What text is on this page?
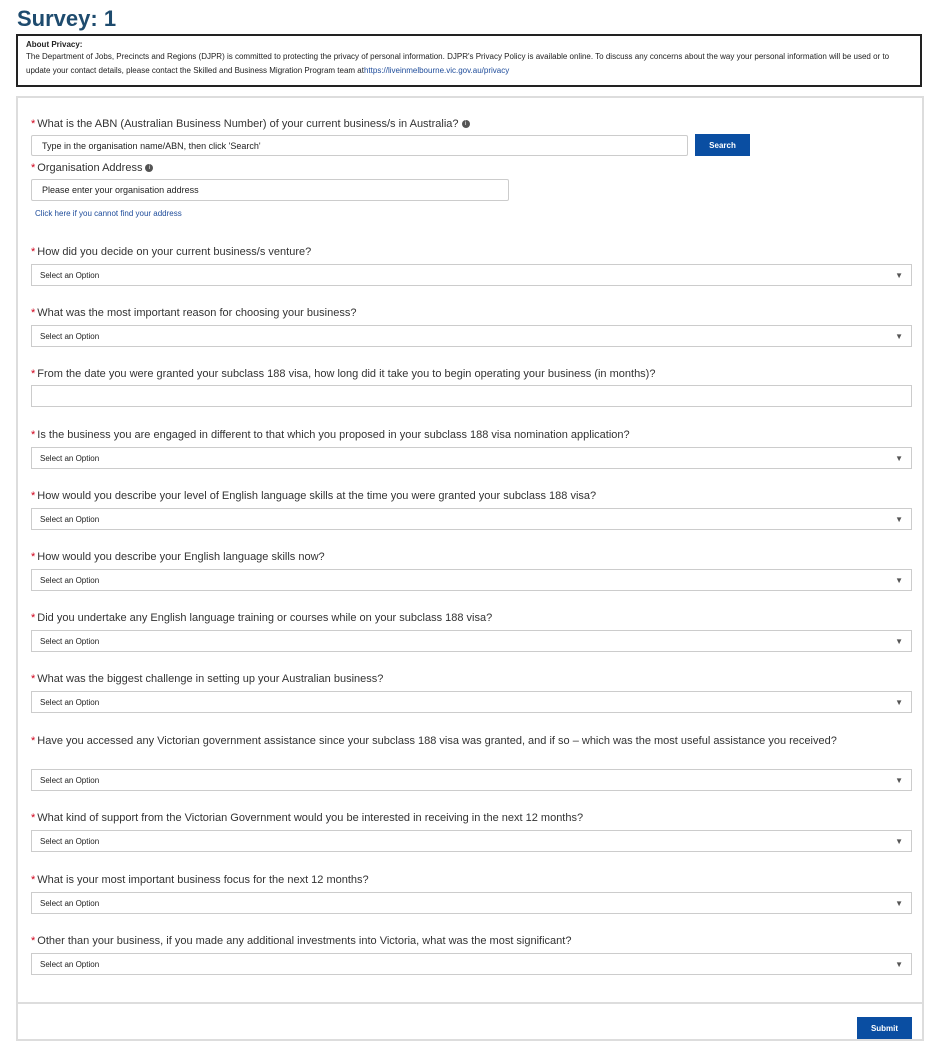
Survey: 1
About Privacy:
The Department of Jobs, Precincts and Regions (DJPR) is committed to protecting the privacy of personal information. DJPR's Privacy Policy is available online. To discuss any concerns about the way your personal information will be used or to update your contact details, please contact the Skilled and Business Migration Program team athttps://liveinmelbourne.vic.gov.au/privacy
* What is the ABN (Australian Business Number) of your current business/s in Australia? i
Type in the organisation name/ABN, then click 'Search'	Search
* Organisation Address i
Please enter your organisation address
Click here if you cannot find your address
* How did you decide on your current business/s venture?
Select an Option	▼
* What was the most important reason for choosing your business?
Select an Option	▼
* From the date you were granted your subclass 188 visa, how long did it take you to begin operating your business (in months)?
* Is the business you are engaged in different to that which you proposed in your subclass 188 visa nomination application?
Select an Option	▼
* How would you describe your level of English language skills at the time you were granted your subclass 188 visa?
Select an Option	▼
* How would you describe your English language skills now?
Select an Option	▼
* Did you undertake any English language training or courses while on your subclass 188 visa?
Select an Option	▼
* What was the biggest challenge in setting up your Australian business?
Select an Option	▼
* Have you accessed any Victorian government assistance since your subclass 188 visa was granted, and if so – which was the most useful assistance you received?
Select an Option	▼
* What kind of support from the Victorian Government would you be interested in receiving in the next 12 months?
Select an Option	▼
* What is your most important business focus for the next 12 months?
Select an Option	▼
* Other than your business, if you made any additional investments into Victoria, what was the most significant?
Select an Option	▼
Submit
